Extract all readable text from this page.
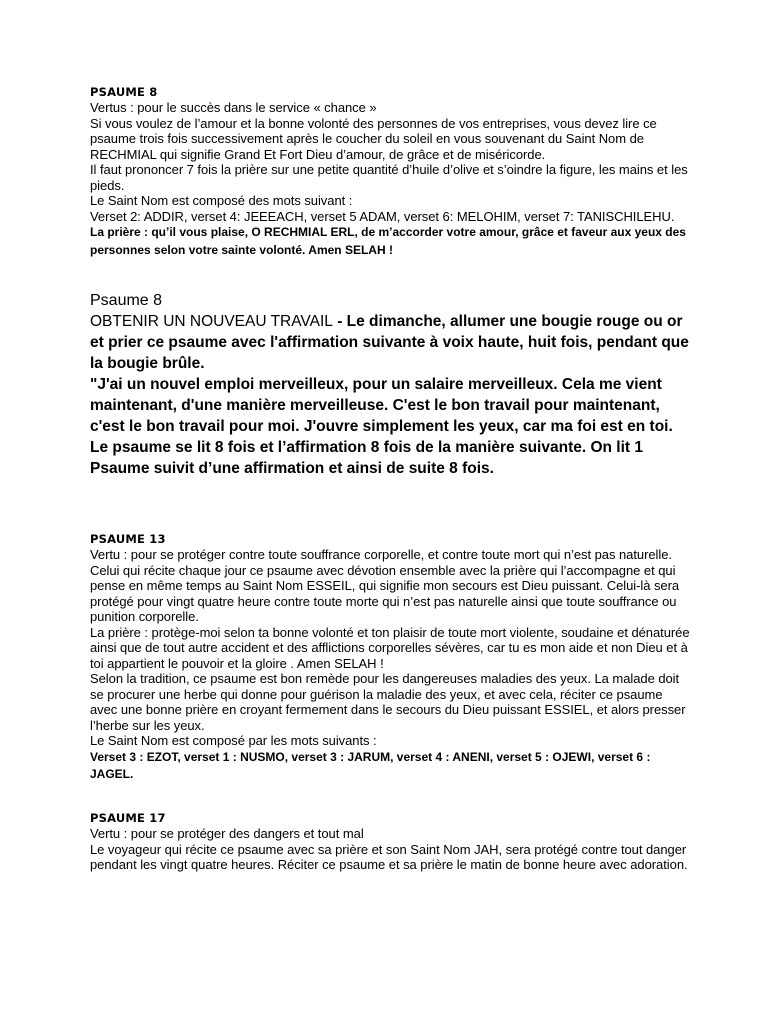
PSAUME 8

Vertus : pour le succès dans le service « chance »

Si vous voulez de l’amour et la bonne volonté des personnes de vos entreprises, vous devez lire ce psaume trois fois successivement après le coucher du soleil en vous souvenant du Saint Nom de RECHMIAL qui signifie Grand Et Fort Dieu d’amour, de grâce et de miséricorde.

Il faut prononcer 7 fois la prière sur une petite quantité d’huile d’olive et s’oindre la figure, les mains et les pieds.

Le Saint Nom est composé des mots suivant :

Verset 2: ADDIR, verset 4: JEEEACH, verset 5 ADAM, verset 6: MELOHIM, verset 7: TANISCHILEHU.

La prière : qu’il vous plaise, O RECHMIAL ERL, de m’accorder votre amour, grâce et faveur aux yeux des personnes selon votre sainte volonté. Amen SELAH !

Psaume 8

OBTENIR UN NOUVEAU TRAVAIL - Le dimanche, allumer une bougie rouge ou or et prier ce psaume avec l'affirmation suivante à voix haute, huit fois, pendant que la bougie brûle.

"J'ai un nouvel emploi merveilleux, pour un salaire merveilleux. Cela me vient maintenant, d'une manière merveilleuse. C'est le bon travail pour maintenant, c'est le bon travail pour moi. J'ouvre simplement les yeux, car ma foi est en toi. Le psaume se lit 8 fois et l’affirmation 8 fois de la manière suivante. On lit 1 Psaume suivit d’une affirmation et ainsi de suite 8 fois.

PSAUME 13

Vertu : pour se protéger contre toute souffrance corporelle, et contre toute mort qui n’est pas naturelle.

Celui qui récite chaque jour ce psaume avec dévotion ensemble avec la prière qui l’accompagne et qui pense en même temps au Saint Nom ESSEIL, qui signifie mon secours est Dieu puissant. Celui-là sera protégé pour vingt quatre heure contre toute morte qui n’est pas naturelle ainsi que toute souffrance ou punition corporelle.

La prière : protège-moi selon ta bonne volonté et ton plaisir de toute mort violente, soudaine et dénaturée ainsi que de tout autre accident et des afflictions corporelles sévères, car tu es mon aide et non Dieu et à toi appartient le pouvoir et la gloire . Amen SELAH !

Selon la tradition, ce psaume est bon remède pour les dangereuses maladies des yeux. La malade doit se procurer une herbe qui donne pour guérison la maladie des yeux, et avec cela, réciter ce psaume avec une bonne prière en croyant fermement dans le secours du Dieu puissant ESSIEL, et alors presser l’herbe sur les yeux.

Le Saint Nom est composé par les mots suivants :

Verset 3 : EZOT, verset 1 : NUSMO, verset 3 : JARUM, verset 4 : ANENI, verset 5 : OJEWI, verset 6 : JAGEL.

PSAUME 17

Vertu : pour se protéger des dangers et tout mal

Le voyageur qui récite ce psaume avec sa prière et son Saint Nom JAH, sera protégé contre tout danger pendant les vingt quatre heures. Réciter ce psaume et sa prière le matin de bonne heure avec adoration.
